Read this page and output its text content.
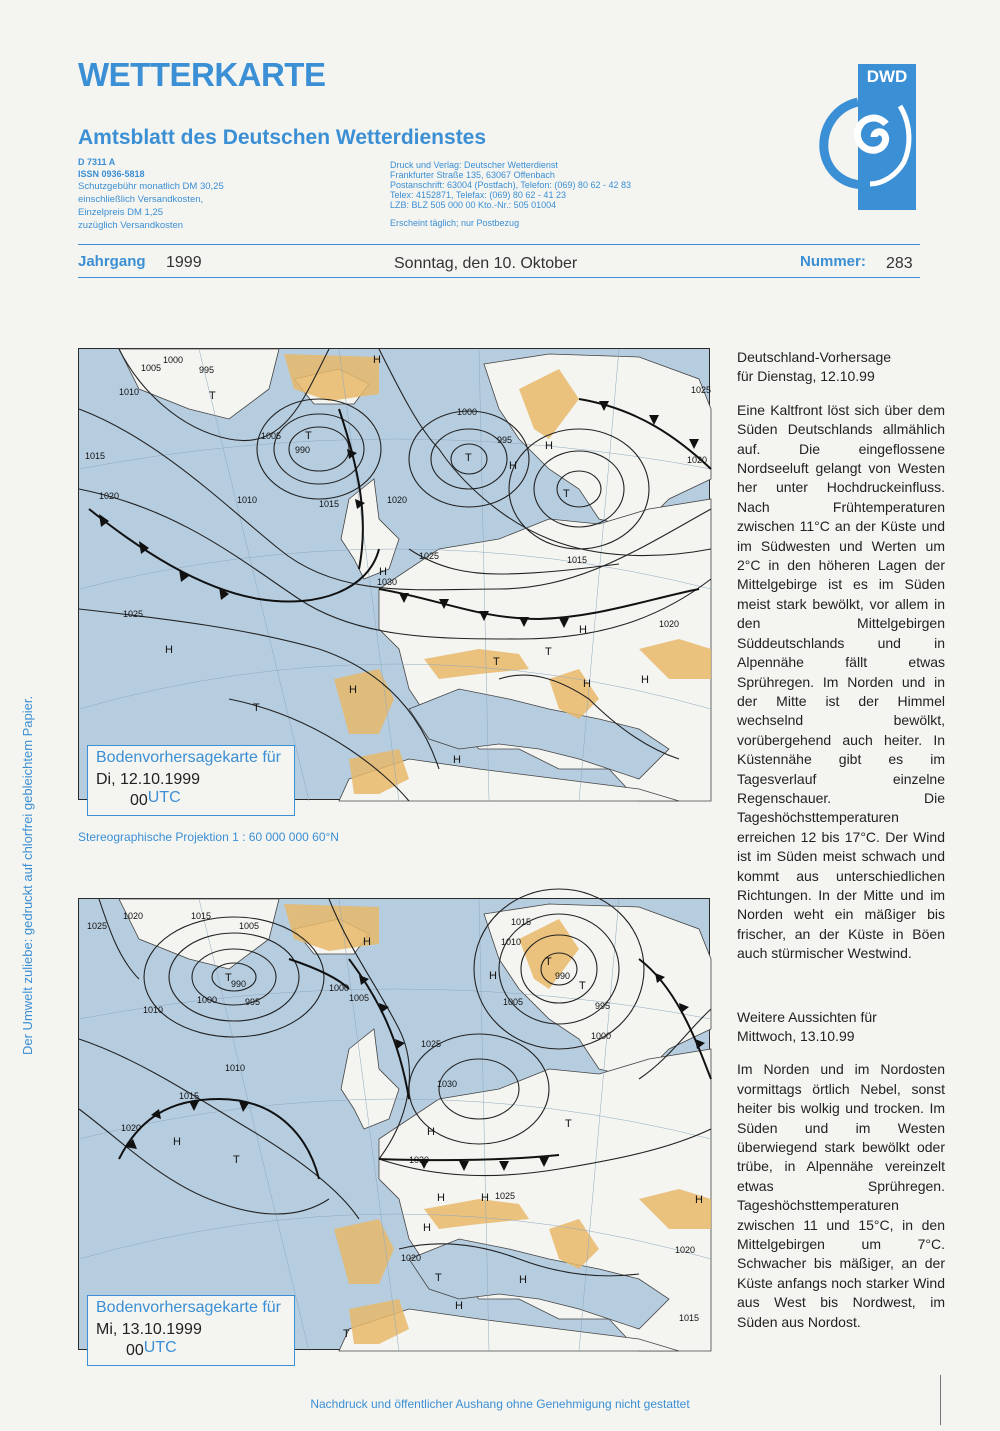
WETTERKARTE
Amtsblatt des Deutschen Wetterdienstes
D 7311 A
ISSN 0936-5818
Schutzgebühr monatlich DM 30,25
einschließlich Versandkosten,
Einzelpreis DM 1,25
zuzüglich Versandkosten
Druck und Verlag: Deutscher Wetterdienst
Frankfurter Straße 135, 63067 Offenbach
Postanschrift: 63004 (Postfach), Telefon: (069) 80 62 - 42 83
Telex: 4152871, Telefax: (069) 80 62 - 41 23
LZB: BLZ 505 000 00 Kto.-Nr.: 505 01004
Erscheint täglich; nur Postbezug
DWD
Jahrgang 1999	Sonntag, den 10. Oktober	Nummer: 283
1005
1000
995
1010
1015
1020
1025
1030
990
1005
1015
1010
1000
995
1020
1025	1015
1020
1020
1025
H
T
T
T
H
H
T
H
H
H
T
H
T
H
H
T
H
Bodenvorhersagekarte für
Di, 12.10.1999 $00^{UTC}$
Stereographische Projektion 1 : 60 000 000 60°N
1025
1020	1015
1005
1010
990
1000	995
1000
1005
1010
1015
1020
1015
1010
990
1005	995
1000
1030
1025
1030
1025
1020
1020
1015
H
T
H
T
H
T
T
H
H
H
T
H
H
T
H	H
T
Bodenvorhersagekarte für
Mi, 13.10.1999 $00^{UTC}$
Deutschland-Vorhersage
für Dienstag, 12.10.99

Eine Kaltfront löst sich über dem Süden Deutschlands allmählich auf. Die eingeflossene Nordseeluft gelangt von Westen her unter Hochdruckeinfluss. Nach Frühtemperaturen zwischen 11°C an der Küste und im Südwesten und Werten um 2°C in den höheren Lagen der Mittelgebirge ist es im Süden meist stark bewölkt, vor allem in den Mittelgebirgen Süddeutschlands und in Alpennähe fällt etwas Sprühregen. Im Norden und in der Mitte ist der Himmel wechselnd bewölkt, vorübergehend auch heiter. In Küstennähe gibt es im Tagesverlauf einzelne Regenschauer. Die Tageshöchsttemperaturen erreichen 12 bis 17°C. Der Wind ist im Süden meist schwach und kommt aus unterschiedlichen Richtungen. In der Mitte und im Norden weht ein mäßiger bis frischer, an der Küste in Böen auch stürmischer Westwind.

Weitere Aussichten für
Mittwoch, 13.10.99

Im Norden und im Nordosten vormittags örtlich Nebel, sonst heiter bis wolkig und trocken. Im Süden und im Westen überwiegend stark bewölkt oder trübe, in Alpennähe vereinzelt etwas Sprühregen. Tageshöchsttemperaturen zwischen 11 und 15°C, in den Mittelgebirgen um 7°C. Schwacher bis mäßiger, an der Küste anfangs noch starker Wind aus West bis Nordwest, im Süden aus Nordost.

Der Umwelt zuliebe: gedruckt auf chlorfrei gebleichtem Papier.
Nachdruck und öffentlicher Aushang ohne Genehmigung nicht gestattet
